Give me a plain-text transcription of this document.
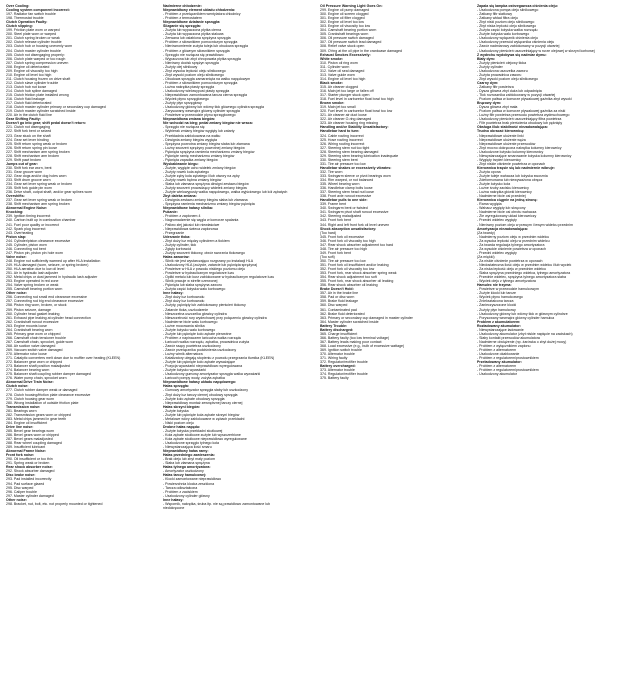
Over Cooling:
Cooling system component incorrect:
197. Radiator fan switch trouble
198. Thermostat trouble
Clutch Operation Faulty:
Clutch slipping:
199. Friction plate worn or warped
200. Steel plate worn or warped
201. Clutch spring broken or weak
202. Clutch release cylinder trouble
203. Clutch hub or housing unevenly worn
204. Clutch master cylinder trouble
205. Clutch not disengaging properly:
206. Clutch plate warped or too rough
207. Clutch spring compression uneven
208. Engine oil deteriorated
209. Engine oil viscosity too high
210. Engine oil level too high
211. Clutch housing frozen on drive shaft
212. Clutch slave cylinder trouble
213. Clutch hub nut loose
214. Clutch hub spline damaged
215. Clutch friction plate installed wrong
216. Clutch fluid leakage
217. Clutch fluid deteriorated
218. Clutch master cylinder primary or secondary cup damaged
219. Clutch master cylinder scratched inside
220. Air in the clutch fluid line
Gear Shifting Faulty:
Doesn't go into gear; shift pedal doesn't return:
221. Clutch not disengaging
222. Shift fork bent or seized
223. Gear stuck on the shaft
224. Gear set lever binding
225. Shift return spring weak or broken
226. Shift return spring pin loose
227. Shift mechanism arm spring broken
228. Shift mechanism arm broken
229. Shift pawl broken
Jumps out of gear:
230. Shift fork ear worn, bent
231. Gear groove worn
232. Gear dogs and/or dog holes worn
233. Shift drum groove worn
234. Gear set lever spring weak or broken
235. Shift fork guide pin worn
236. Drive shaft, output shaft, and/or gear splines worn
Overshifts:
237. Gear set lever spring weak or broken
238. Shift mechanism arm spring broken
Abnormal Engine Noise:
Knocking:
239. Ignition timing incorrect
240. Carbon built up in combustion chamber
241. Fuel poor quality or incorrect
242. Spark plug incorrect
243. Overheating
Piston slap:
244. Cylinder/piston clearance excessive
245. Cylinder, piston worn
246. Connecting rod bent
247. Piston pin, piston pin hole worn
Valve noise:
248. Engine not sufficiently warmed up after HLA installation
249. HLA damaged (worn, seizure, or spring broken)
250. HLA aeration due to low oil level
251. Air in hydraulic lash adjuster
252. Metal chips or dust jammed in hydraulic lash adjuster
253. Engine operated in red zone
254. Valve spring broken or weak
255. Camshaft bearing portion worn
Other noise:
256. Connecting rod small end clearance excessive
257. Connecting rod big end clearance excessive
258. Piston ring worn, broken, or stuck
259. Piston seizure, damage
260. Cylinder head gasket leaking
261. Exhaust pipe leaking at cylinder head connection
262. Crankshaft runout excessive
263. Engine mounts loose
264. Crankshaft bearing worn
265. Primary gear worn or chipped
266. Camshaft chain tensioner trouble
267. Camshaft chain, sprocket, guide worn
268. Air suction valve damaged
269. Vacuum switch valve damaged
270. Alternator rotor loose
271. Catalytic converters melt down due to muffler over heating (KLEEN)
272. Balancer gear worn or chipped
273. Balancer shaft position maladjusted
274. Balancer bearing worn
275. Balancer shaft coupling rubber damper damaged
276. Water pump chain, sprocket worn
Abnormal Drive Train Noise:
Clutch noise:
277. Clutch rubber damper weak or damaged
278. Clutch housing/friction plate clearance excessive
279. Clutch housing gear worn
280. Wrong installation of outside friction plate
Transmission noise:
281. Bearings worn
282. Transmission gears worn or chipped
283. Metal chips jammed in gear teeth
284. Engine oil insufficient
Drive line noise:
285. Bevel gear bearings worn
286. Bevel gears worn or chipped
287. Bevel gears maladjusted
288. Rear wheel coupling damaged
289. Insufficient lubricant
Abnormal Frame Noise:
Front fork noise:
290. Oil insufficient or too thin
291. Spring weak or broken
Rear shock absorber noise:
292. Shock absorber damaged
Disc brake noise:
293. Pad installed incorrectly
294. Pad surface glazed
295. Disc warped
296. Caliper trouble
297. Master cylinder damaged
Other noise:
298. Bracket, nut, bolt, etc. not properly mounted or tightened
Nadmierne chłodzenie:
Nieprawidłowy element układu chłodzenia:
- Problem z przełącznikiem wentylatora chłodnicy
- Problem z termostatem
Nieprawidłowe działanie sprzęgła:
Ślizganie się sprzęgła:
- Zużyta lub wypaczona płytka cierna
- Zużyta lub wypaczona płytka stalowa
- Zerwana lub osłabiona sprężyna sprzęgła
- Problem z siłownikiem pomocniczym sprzęgła
- Nierównomiernie zużyta tuleja lub obudowa sprzęgła
- Problem z głównym siłownikiem sprzęgła
- Sprzęgło nie rozłącza się prawidłowo:
- Wypaczona lub zbyt chropowata płytka sprzęgła
- Nierówny docisk sprężyn sprzęgła
- Zużyty olej silnikowy
- Zbyt wysoka lepkość oleju silnikowego
- Zbyt wysoki poziom oleju silnikowego
- Obudowa sprzęgła zamarznięta na wałku napędowym
- Problem z siłownikiem pomocniczym sprzęgła
- Luźna nakrętka piasty sprzęgła
- Uszkodzony wielowypust piasty sprzęgła
- Nieprawidłowo zamontowana tarcza cierna sprzęgła
- Wyciek płynu sprzęgłowego
- Zużyty płyn sprzęgłowy
- Uszkodzony główny lub wtórny tłok głównego cylindra sprzęgła
- Zarysowany wewnątrz główny cylinder sprzęgła
- Powietrze w przewodzie płynu sprzęgłowego
Nieprawidłowa zmiana biegów:
Nie wchodzi na bieg; pedał zmiany biegów nie wraca:
- Sprzęgło nie rozłącza się
- Wybierak zmiany biegów wygięty lub zatarty
- Przekładnia zablokowana na wałku
- Dźwignia zmiany biegów wygięta
- Sprężyna powrotna zmiany biegów słaba lub złamana
- Luźny sworzeń sprężyny powrotnej zmiany biegów
- Pęknięta sprężyna ramienia mechanizmu zmiany biegów
- Pęknięte ramię mechanizmu zmiany biegów
- Pęknięta zapadka zmiany biegów
Wyskakiwanie biegu:
- Zużyte, wygięte ucho widełek zmiany biegów
- Zużyty rowek koła zębatego
- Zużyte zęby koła zębatego i/lub otwory na zęby
- Zużyty rowek bębna zmiany biegów
- Słaba lub złamana sprężyna dźwigni zestawu biegów
- Zużyty sworzeń prowadzący widełek zmiany biegów
- Zużyte wielowypusty wałka napędowego, wałka wyjściowego lub kół zębatych
Zbyt daleka zmiana:
- Dźwignia zestawu zmiany biegów słaba lub złamana
- Sprężyna ramienia mechanizmu zmiany biegów pęknięta
Nieprawidłowe hałasy silnika:
Pukanie:
- Problem z zapłonem 4
- Nagromadzenie się węgla w komorze spalania
- Paliwo złej jakości lub niewłaściwe
- Nieprawidłowa świeca zapłonowa
- Przegrzanie
Uderzanie tłoka:
- Zbyt duży luz między cylindrem a tłokiem
- Zużyty cylinder, tłok
- Zgięty korbowód
- Zużyty sworzeń tłokowy, otwór sworznia tłokowego
Hałas zaworów:
- Silnik nie jest wystarczająco rozgrzany po instalacji HLA
- Uszkodzony HLA (zużycie, zatarcie lub pęknięta sprężyna)
- Powietrze w HLA z powodu niskiego poziomu oleju
- Powietrze w hydraulicznym regulatorze luzu
- Opiłki metalu lub kurz zablokowane w hydraulicznym regulatorze luzu
- Silnik pracuje w strefie czerwonej
- Pęknięta lub słaba sprężyna zaworu
- Zużyta część łożyska wału korbowego
Inne hałasy:
- Zbyt duży luz korbowodu
- Zbyt duży luz korbowodu
- Zużyty, pęknięty lub zablokowany pierścień tłokowy
- Zatarcie tłoka, uszkodzenie
- Nieszczelna uszczelka głowicy cylindra
- Nieszczelność rury wydechowej przy połączeniu głowicy cylindra
- Nadmierne bicie wału korbowego
- Luźne mocowania silnika
- Zużyte łożysko wału korbowego
- Zużyte lub pęknięte koło zębate pierwotne
- Problem z napinaczem łańcucha wałka rozrządu
- Łańcuch wałka rozrządu, zębatka, prowadnica zużyta
- Zawór ssący powietrza uszkodzony
- Zawór przełącznika podciśnienia uszkodzony
- Luźny wirnik alternatora
- Katalizatory ulegają stopieniu z powodu przegrzania tłumika (KLEEN)
- Zużyte lub pęknięte koło zębate wyważające
- Pozycja wyważarki nieprawidłowo wyregulowana
- Zużyte łożysko wyważarki
- Uszkodzony gumowy amortyzator sprzęgła wałka wyważarki
- Łańcuch pompy wody, zużyta zębatka
Nieprawidłowe hałasy układu napędowego:
Hałas sprzęgła:
- Gumowy amortyzator sprzęgła słaby lub uszkodzony
- Zbyt duży luz tarczy ciernej obudowy sprzęgła
- Zużyte koło zębate obudowy sprzęgła
- Nieprawidłowy montaż zewnętrznej tarczy ciernej
Hałas skrzyni biegów:
- Zużyte łożyska
- Zużyte lub pęknięte koła zębate skrzyni biegów
- Metalowe wióry zablokowane w zębach przekładni
- Niski poziom oleju
Drobne hałas napędu:
- Zużyte łożyska przekładni stożkowej
- Koła zębate stożkowe zużyte lub wyszczerbione
- Koła zębate stożkowe nieprawidłowo wyregulowane
- Uszkodzone sprzęgło tylnego koła
- Niewystarczająca ilość smaru
Nieprawidłowy hałas ramy:
Hałas przedniego zawieszenia:
- Brak oleju lub zbyt mały poziom
- Słaba lub złamana sprężyna
Hałas tylnego amortyzatora:
- Amortyzator uszkodzony
Hałas tarczy hamulcowej:
- Klocki zamontowane nieprawidłowo
- Powierzchnia klocka zeszklona
- Tarcza odkształcona
- Problem z zaciskiem
- Uszkodzony cylinder główny
Inne hałasy:
- Wspornik, nakrętka, śruba itp. nie są prawidłowo zamontowane lub
niedokręcone
Oil Pressure Warning Light Goes On:
299. Engine oil pump damaged
300. Engine oil screen clogged
301. Engine oil filter clogged
302. Engine oil level too low
303. Engine oil viscosity too low
304. Camshaft bearing portion worn
305. Crankshaft bearings worn
306. Oil pressure switch damaged
307. Oil pressure switch lead damaged
308. Relief valve stuck open
309. O'ring at the oil pipe in the crankcase damaged
Exhaust Smokes Excessively:
White smoke:
310. Piston oil ring worn
311. Cylinder worn
312. Valve oil seal damaged
313. Valve guide worn
314. Engine oil level too high
Black smoke:
315. Air cleaner clogged
316. Main jet too large or fallen off
317. Starter plunger stuck open
318. Fuel level in carburetor float bowl too high
Brown smoke:
319. Main jet too small
320. Fuel level in carburetor float bowl too low
321. Air cleaner air duct loose
322. Air cleaner O-ring damaged
323. Air cleaner housing ring missing
Handling and/or Stability Unsatisfactory:
Handlebar hard to turn:
324. Cable routing incorrect
325. Hose routing incorrect
326. Wiring routing incorrect
327. Steering stem nut too tight
328. Steering stem bearing damaged
329. Steering stem bearing lubrication inadequate
330. Steering stem bent
331. Tire air pressure too low
Handlebar shakes or excessively vibrates:
332. Tire worn
333. Swingarm sleeve or pivot bearings worn
334. Rim warped, or not balanced
335. Wheel bearing worn
336. Handlebar clamp bolts loose
337. Steering stem head nut loose
338. Front axle runout excessive
Handlebar pulls to one side:
339. Frame bent
340. Swingarm bent or twisted
341. Swingarm pivot shaft runout excessive
342. Steering maladjusted
343. Front fork bent
344. Right and left front fork oil level uneven
Shock absorption unsatisfactory:
(Too hard)
345. Front fork oil excessive
346. Front fork oil viscosity too high
347. Rear shock absorber adjustment too hard
348. Tire air pressure too high
349. Front fork bent
(Too soft)
350. Tire air pressure too low
351. Front fork oil insufficient and/or leaking
352. Front fork oil viscosity too low
353. Front fork, rear shock absorber spring weak
354. Rear shock adjustment too soft
355. Front fork, rear shock absorber oil leaking
356. Rear shock absorber oil leaking
Brake Doesn't Hold:
357. Air in the brake line
358. Pad or disc worn
359. Brake fluid leakage
360. Disc warped
361. Contaminated pad
362. Brake fluid deteriorated
363. Primary or secondary cup damaged in master cylinder
364. Master cylinder scratched inside
Battery Trouble:
Battery discharged:
365. Charge insufficient
366. Battery faulty (too low terminal voltage)
367. Battery leads making poor contact
368. Load excessive (e.g., bulb of excessive wattage)
369. Ignition switch trouble
370. Alternator trouble
371. Wiring faulty
372. Regulator/rectifier trouble
Battery overcharged:
373. Alternator trouble
374. Regulator/rectifier trouble
375. Battery faulty
Zapala się lampka ostrzegawcza ciśnienia oleju:
- Uszkodzona pompa oleju silnikowego
- Zatkany filtr siatkowy
- Zatkany wkład filtra oleju
- Zbyt niski poziom oleju silnikowego
- Zbyt niska lepkość oleju silnikowego
- Zużyta część łożyska wałka rozrządu
- Zużyte łożyska wału korbowego
- Uszkodzony wyłącznik ciśnienia oleju
- Uszkodzony przewód wyłącznika ciśnienia oleju
- Zawór nadmiarowy zablokowany w pozycji otwartej
- Uszkodzony pierścień uszczelniający w rurze olejowej w skrzyni korbowej
Z wydechu wydobywa się nadmiar dymu:
Biały dym:
- Zużyty pierścień olejowy tłoka
- Zużyty cylinder
- Uszkodzona uszczelka zaworu
- Zużyta prowadnica zaworu
- Zbyt wysoki poziom oleju silnikowego
Czarny dym:
- Zatkany filtr powietrza
- Dysza główna zbyt duża lub odpadnięta
- Tłok rozrusznika zablokowany w pozycji otwartej
- Poziom paliwa w komorze pływakowej gaźnika zbyt wysoki
Brązowy dym:
- Dysza główna zbyt mała
- Poziom paliwa w komorze pływakowej gaźnika za niski
- Luźny filtr powietrza przewodu powietrza wydmuchowego
- Uszkodzony pierścień uszczelniający filtra powietrza
- Filtr powietrza brak pierścienia obudowy lub pęknięty
Obsługa i/lub stabilność niezadowalająca:
Trudno obracać kierownicą:
- Nieprawidłowe ułożenie linki
- Nieprawidłowe ułożenie węża
- Nieprawidłowe ułożenie przewodów
- Zbyt mocno dokręcona nakrętka kolumny kierownicy
- Uszkodzone łożysko kolumny kierownicy
- Niewystarczające smarowanie łożyska kolumny kierownicy
- Wygięty trzpień kierownicy
- Zbyt niskie ciśnienie powietrza w oponach
Kierownica trzęsie się lub nadmiernie wibruje:
- Zużyta opona
- Zużyte tuleje wahacza lub łożyska sworznia
- Zdeformowana lub niewyważona obręcz
- Zużyte łożysko koła
- Luźne śruby zacisku kierownicy
- Luźna nakrętka główki kierownicy
- Nadmierne bicie osi przedniej
Kierownica ciągnie na jedną stronę:
- Rama wygięta
- Wahacz wygięty lub skręcony
- Nadmierne bicie osi obrotu wahacza
- Źle wyregulowany układ kierowniczy
- Przedni widelec wygięty
- Nierówny poziom oleju w prawym i lewym widelcu przednim
Amortyzacja niezadowalająca:
(Za twardy)
- Nadmierny poziom oleju w przednim widelcu
- Za wysoka lepkość oleju w przednim widelcu
- Za twarda regulacja tylnego amortyzatora
- Za wysokie ciśnienie powietrza w oponach
- Przedni widelec wygięty
(Za miękki)
- Za niskie ciśnienie powietrza w oponach
- Niedostateczna ilość oleju w przednim widelcu i/lub wyciek
- Za niska lepkość oleju w przednim widelcu
- Słaba sprężyna przedniego widelca, tylnego amortyzatora
- Przednie widelec, sprężyna tylnego amortyzatora słaba
- Wyciek oleju z tylnego amortyzatora
Hamulec nie trzyma:
- Powietrze w przewodzie hamulcowym
- Zużyte klocki lub tarcze
- Wyciek płynu hamulcowego
- Zniekształcona tarcza
- Zanieczyszczone klocki
- Zużyty płyn hamulcowy
- Uszkodzony główny lub wtórny tłok w głównym cylindrze
- Porysowany wewnątrz główny cylinder hamulca
Problem z akumulatorem:
Rozładowany akumulator:
- Niewystarczające ładowanie
- Uszkodzony akumulator (zbyt niskie napięcie na zaciskach)
- Słaby kontakt przewodów akumulatora
- Nadmierne obciążenie (np. żarówka o zbyt dużej mocy)
- Problem z wyłącznikiem zapłonu
- Problem z alternatorem
- Uszkodzone okablowanie
- Problem z regulatorem/prostownikiem
Przeładowany akumulator:
- Problem z alternatorem
- Problem z regulatorem/prostownikiem
- Uszkodzony akumulator
